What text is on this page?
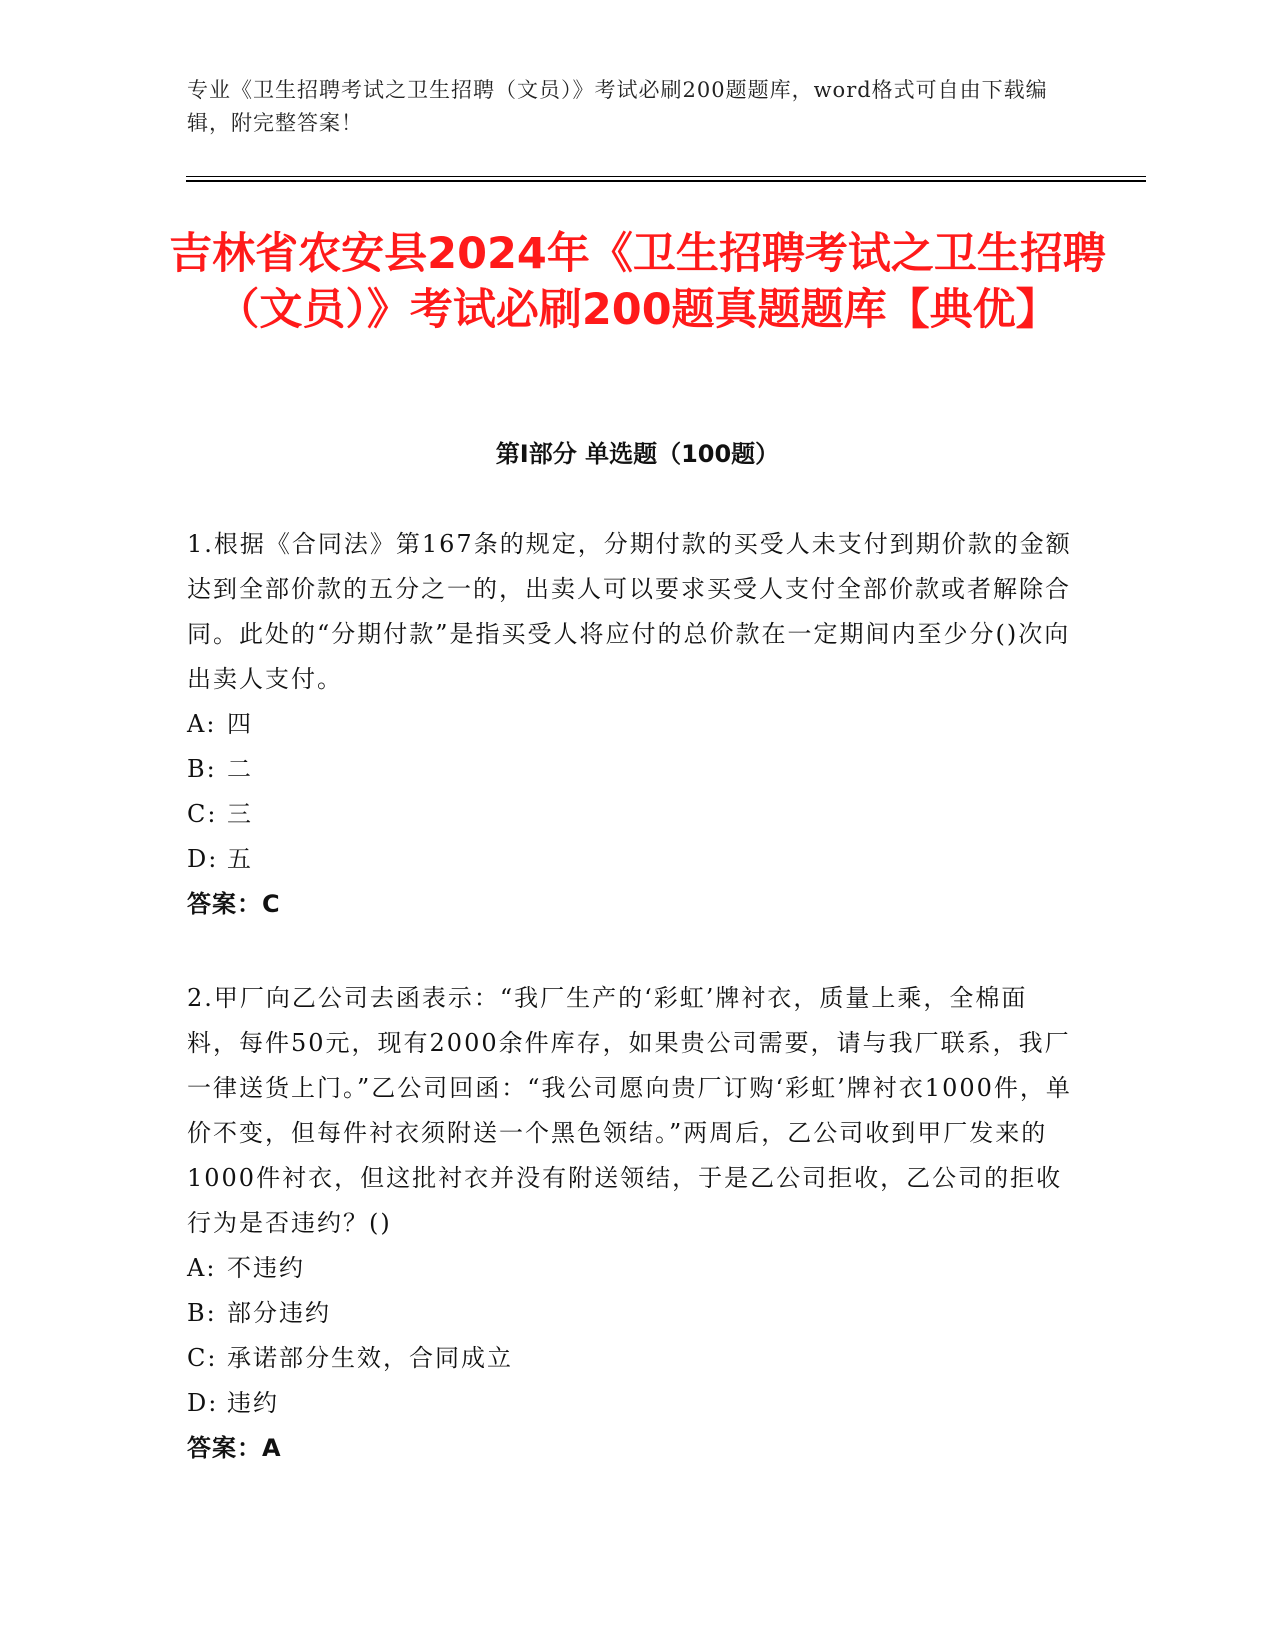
专业《卫生招聘考试之卫生招聘（文员）》考试必刷200题题库，word格式可自由下载编辑，附完整答案！
吉林省农安县2024年《卫生招聘考试之卫生招聘（文员）》考试必刷200题真题题库【典优】
第Ⅰ部分 单选题（100题）

1.根据《合同法》第167条的规定，分期付款的买受人未支付到期价款的金额达到全部价款的五分之一的，出卖人可以要求买受人支付全部价款或者解除合同。此处的“分期付款”是指买受人将应付的总价款在一定期间内至少分()次向出卖人支付。

A: 四
B: 二
C: 三
D: 五
答案：C

2.甲厂向乙公司去函表示：“我厂生产的‘彩虹’牌衬衣，质量上乘，全棉面料，每件50元，现有2000余件库存，如果贵公司需要，请与我厂联系，我厂一律送货上门。”乙公司回函：“我公司愿向贵厂订购‘彩虹’牌衬衣1000件，单价不变，但每件衬衣须附送一个黑色领结。”两周后，乙公司收到甲厂发来的1000件衬衣，但这批衬衣并没有附送领结，于是乙公司拒收，乙公司的拒收行为是否违约？()

A: 不违约
B: 部分违约
C: 承诺部分生效，合同成立
D: 违约
答案：A
